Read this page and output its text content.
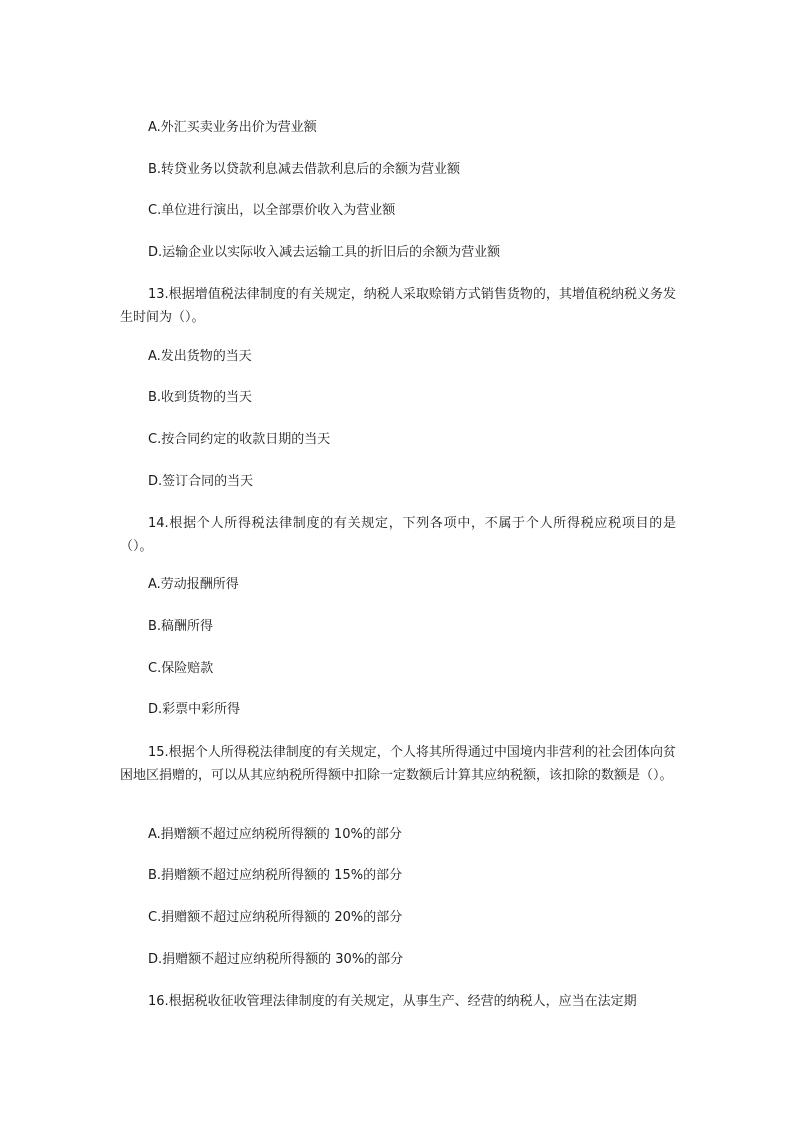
A.外汇买卖业务出价为营业额
B.转贷业务以贷款利息减去借款利息后的余额为营业额
C.单位进行演出，以全部票价收入为营业额
D.运输企业以实际收入减去运输工具的折旧后的余额为营业额
13.根据增值税法律制度的有关规定，纳税人采取赊销方式销售货物的，其增值税纳税义务发生时间为（）。
A.发出货物的当天
B.收到货物的当天
C.按合同约定的收款日期的当天
D.签订合同的当天
14.根据个人所得税法律制度的有关规定，下列各项中，不属于个人所得税应税项目的是（）。
A.劳动报酬所得
B.稿酬所得
C.保险赔款
D.彩票中彩所得
15.根据个人所得税法律制度的有关规定，个人将其所得通过中国境内非营利的社会团体向贫困地区捐赠的，可以从其应纳税所得额中扣除一定数额后计算其应纳税额，该扣除的数额是（）。
A.捐赠额不超过应纳税所得额的 10%的部分
B.捐赠额不超过应纳税所得额的 15%的部分
C.捐赠额不超过应纳税所得额的 20%的部分
D.捐赠额不超过应纳税所得额的 30%的部分
16.根据税收征收管理法律制度的有关规定，从事生产、经营的纳税人，应当在法定期
